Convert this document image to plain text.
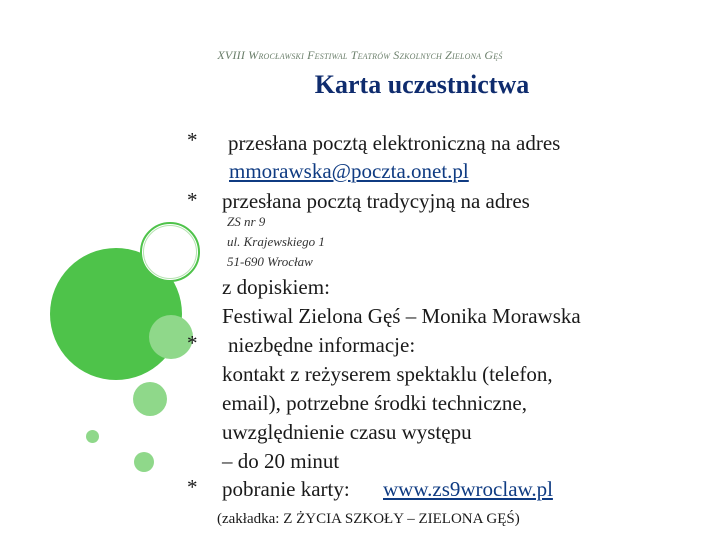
XVIII Wrocławski Festiwal Teatrów Szkolnych Zielona Gęś
Karta uczestnictwa
* przesłana pocztą elektroniczną na adres
mmorawska@poczta.onet.pl
* przesłana pocztą tradycyjną na adres
ZS nr 9
ul. Krajewskiego 1
51-690 Wrocław
z dopiskiem:
Festiwal Zielona Gęś – Monika Morawska
* niezbędne informacje:
kontakt z reżyserem spektaklu (telefon,
email), potrzebne środki techniczne,
uwzględnienie czasu występu
– do 20 minut
* pobranie karty: www.zs9wroclaw.pl
(zakładka: Z ŻYCIA SZKOŁY – ZIELONA GĘŚ)
